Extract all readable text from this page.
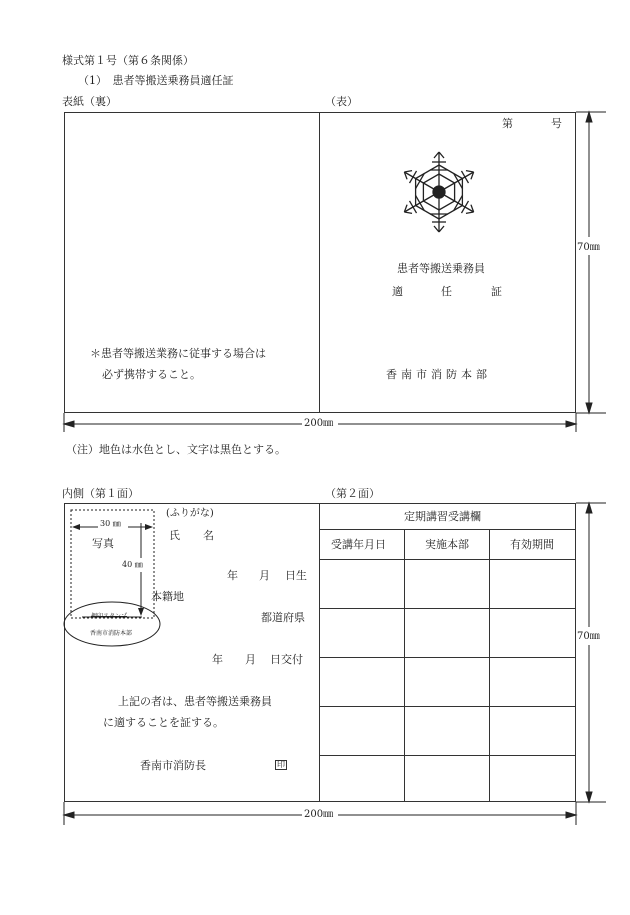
様式第１号（第６条関係）
（1）　患者等搬送乗務員適任証
表紙（裏）	（表）
第	号
患者等搬送乗務員
適	任	証
＊患者等搬送業務に従事する場合は
必ず携帯すること。	香南市消防本部
70㎜
200㎜
（注）地色は水色とし、文字は黒色とする。
内側（第１面）	（第２面）
30 ㎜
写真
40 ㎜
押印スタンプ
香南市消防本部
(ふりがな)
氏 名
年 月 日生
本籍地
都道府県
年 月 日交付
上記の者は、患者等搬送乗務員
に適することを証する。
香南市消防長	印
定期講習受講欄
受講年月日	実施本部	有効期間
70㎜
200㎜
